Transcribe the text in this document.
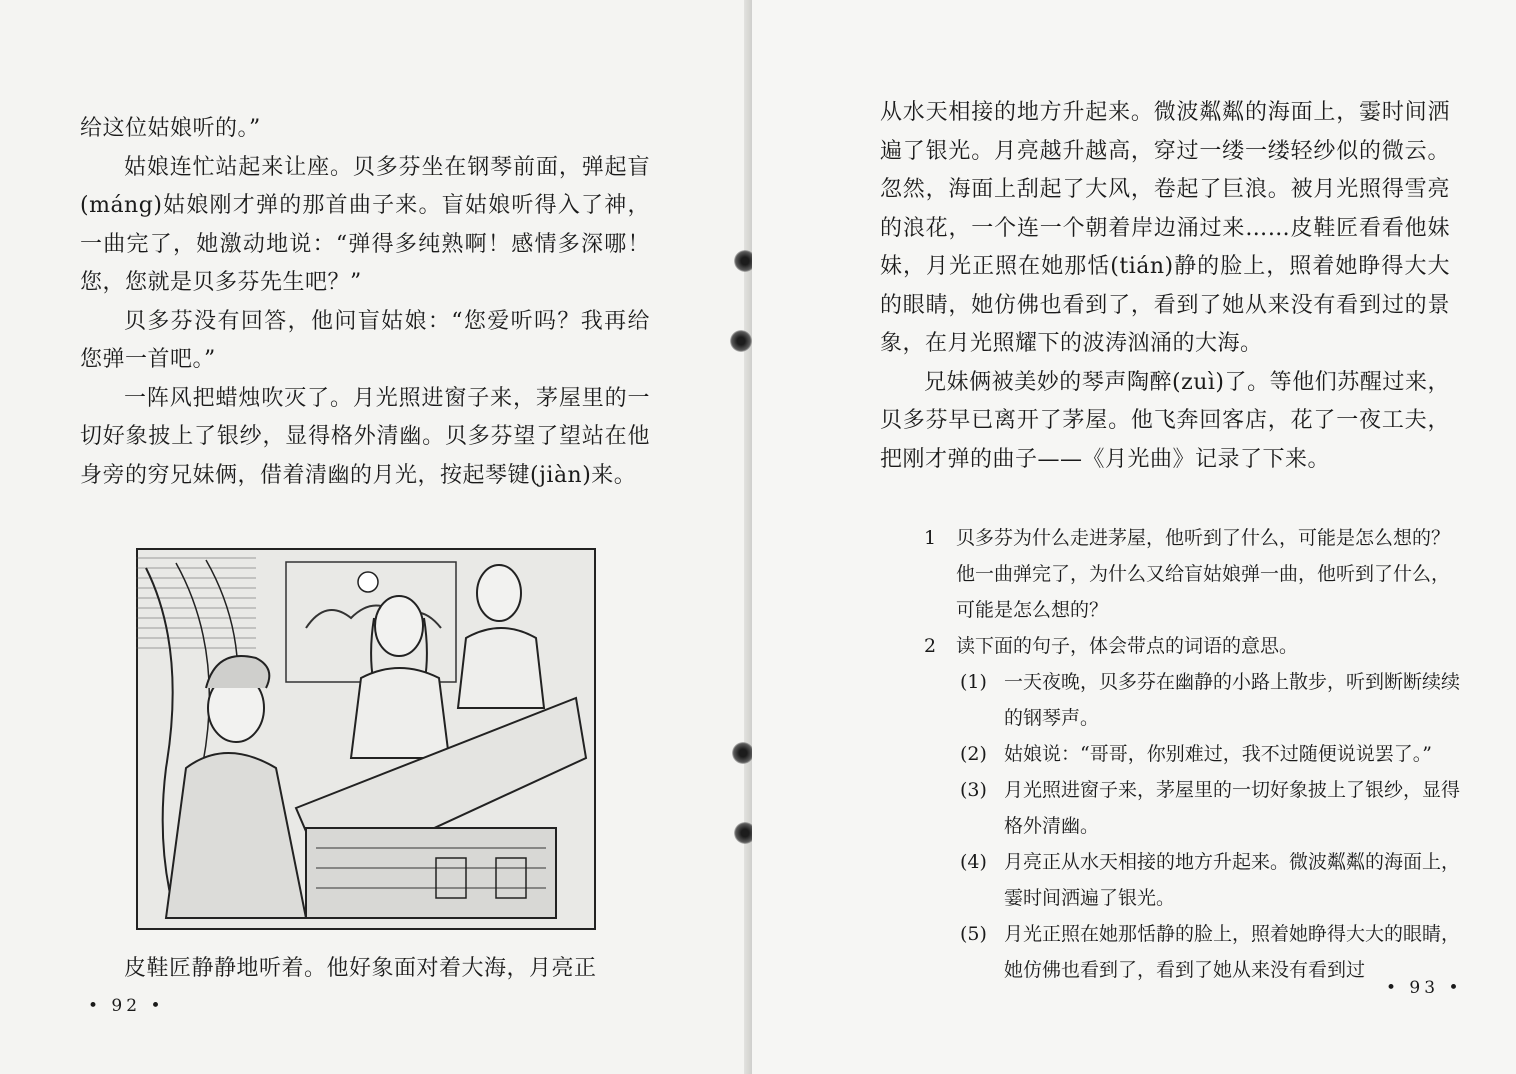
给这位姑娘听的。”

姑娘连忙站起来让座。贝多芬坐在钢琴前面，弹起盲(máng)姑娘刚才弹的那首曲子来。盲姑娘听得入了神，一曲完了，她激动地说：“弹得多纯熟啊！感情多深哪！您，您就是贝多芬先生吧？”

贝多芬没有回答，他问盲姑娘：“您爱听吗？我再给您弹一首吧。”

一阵风把蜡烛吹灭了。月光照进窗子来，茅屋里的一切好象披上了银纱，显得格外清幽。贝多芬望了望站在他身旁的穷兄妹俩，借着清幽的月光，按起琴键(jiàn)来。

皮鞋匠静静地听着。他好象面对着大海，月亮正

• 92 •

从水天相接的地方升起来。微波粼粼的海面上，霎时间洒遍了银光。月亮越升越高，穿过一缕一缕轻纱似的微云。忽然，海面上刮起了大风，卷起了巨浪。被月光照得雪亮的浪花，一个连一个朝着岸边涌过来……皮鞋匠看看他妹妹，月光正照在她那恬(tián)静的脸上，照着她睁得大大的眼睛，她仿佛也看到了，看到了她从来没有看到过的景象，在月光照耀下的波涛汹涌的大海。

兄妹俩被美妙的琴声陶醉(zuì)了。等他们苏醒过来，贝多芬早已离开了茅屋。他飞奔回客店，花了一夜工夫，把刚才弹的曲子——《月光曲》记录了下来。

1	贝多芬为什么走进茅屋，他听到了什么，可能是怎么想的？他一曲弹完了，为什么又给盲姑娘弹一曲，他听到了什么，可能是怎么想的？
2	读下面的句子，体会带点的词语的意思。
(1) 一天夜晚，贝多芬在幽静的小路上散步，听到断断续续的钢琴声。
(2) 姑娘说：“哥哥，你别难过，我不过随便说说罢了。”
(3) 月光照进窗子来，茅屋里的一切好象披上了银纱，显得格外清幽。
(4) 月亮正从水天相接的地方升起来。微波粼粼的海面上，霎时间洒遍了银光。
(5) 月光正照在她那恬静的脸上，照着她睁得大大的眼睛，她仿佛也看到了，看到了她从来没有看到过
• 93 •
